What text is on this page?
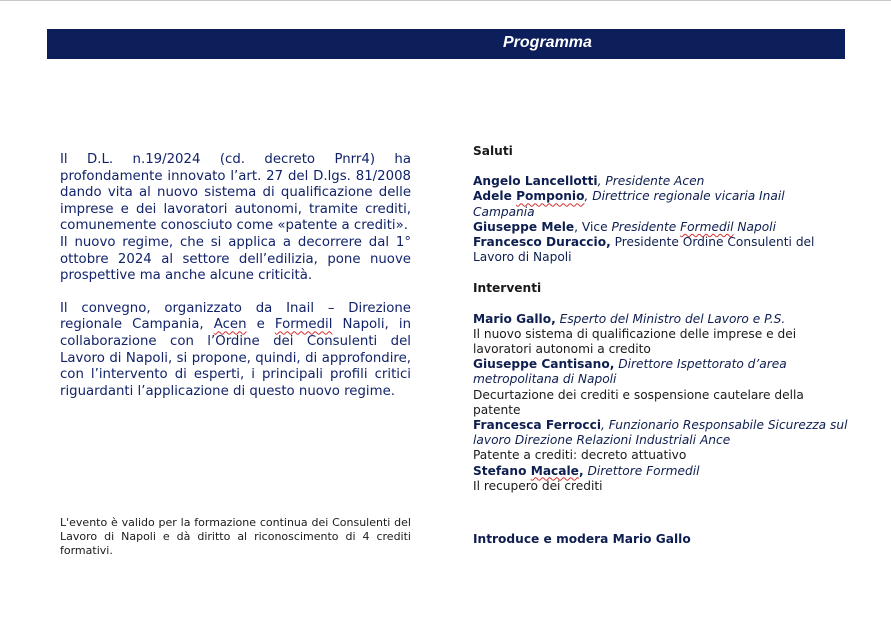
Programma

Il D.L. n.19/2024 (cd. decreto Pnrr4) ha profondamente innovato l’art. 27 del D.lgs. 81/2008 dando vita al nuovo sistema di qualificazione delle imprese e dei lavoratori autonomi, tramite crediti, comunemente conosciuto come «patente a crediti».

Il nuovo regime, che si applica a decorrere dal 1° ottobre 2024 al settore dell’edilizia, pone nuove prospettive ma anche alcune criticità.

Il convegno, organizzato da Inail – Direzione regionale Campania, Acen e Formedil Napoli, in collaborazione con l’Ordine dei Consulenti del Lavoro di Napoli, si propone, quindi, di approfondire, con l’intervento di esperti, i principali profili critici riguardanti l’applicazione di questo nuovo regime.

L'evento è valido per la formazione continua dei Consulenti del Lavoro di Napoli e dà diritto al riconoscimento di 4 crediti formativi.
Saluti
Angelo Lancellotti, Presidente Acen
Adele Pomponio, Direttrice regionale vicaria Inail Campania
Giuseppe Mele, Vice Presidente Formedil Napoli
Francesco Duraccio, Presidente Ordine Consulenti del Lavoro di Napoli
Interventi
Mario Gallo, Esperto del Ministro del Lavoro e P.S.
Il nuovo sistema di qualificazione delle imprese e dei lavoratori autonomi a credito
Giuseppe Cantisano, Direttore Ispettorato d’area metropolitana di Napoli
Decurtazione dei crediti e sospensione cautelare della patente
Francesca Ferrocci, Funzionario Responsabile Sicurezza sul lavoro Direzione Relazioni Industriali Ance
Patente a crediti: decreto attuativo
Stefano Macale, Direttore Formedil
Il recupero dei crediti
Introduce e modera Mario Gallo
